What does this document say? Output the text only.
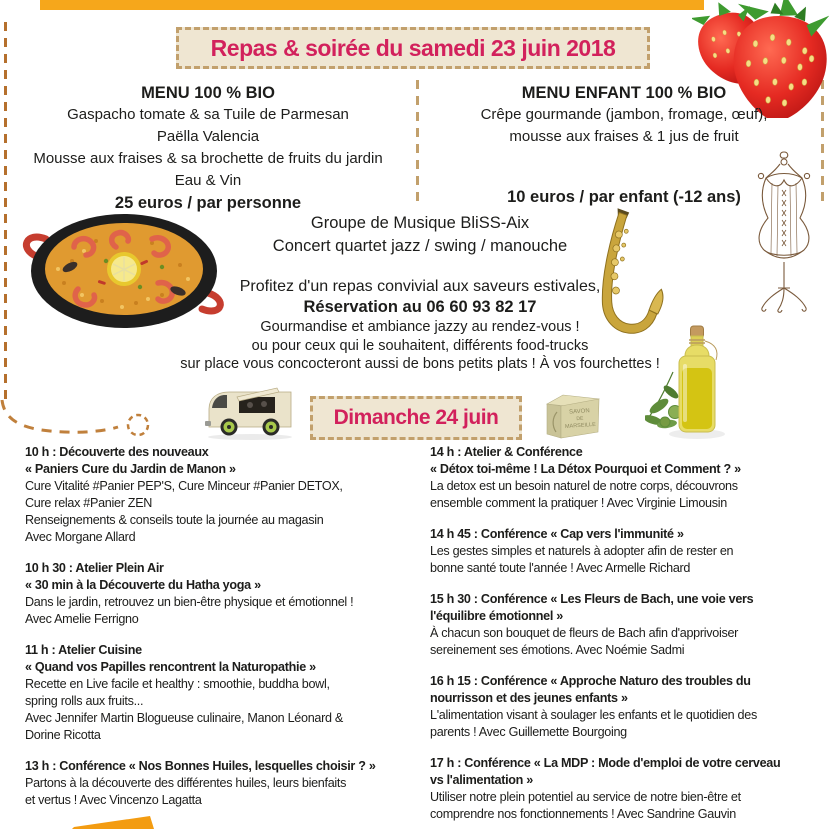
Repas & soirée du samedi 23 juin 2018
MENU 100 % BIO
Gaspacho tomate & sa Tuile de Parmesan
Paëlla Valencia
Mousse aux fraises & sa brochette de fruits du jardin
Eau & Vin
25 euros / par personne
MENU ENFANT 100 % BIO
Crêpe gourmande (jambon, fromage, œuf),
mousse aux fraises & 1 jus de fruit
10 euros / par enfant (-12 ans)
Groupe de Musique BliSS-Aix
Concert quartet jazz / swing / manouche
Profitez d'un repas convivial aux saveurs estivales,
Réservation au 06 60 93 82 17
Gourmandise et ambiance jazzy au rendez-vous !
ou pour ceux qui le souhaitent, différents food-trucks
sur place vous concocteront aussi de bons petits plats ! À vos fourchettes !
Dimanche 24 juin	SAVON
DE
MARSEILLE
10 h : Découverte des nouveaux
« Paniers Cure du Jardin de Manon »
Cure Vitalité #Panier PEP'S, Cure Minceur #Panier DETOX,
Cure relax #Panier ZEN
Renseignements & conseils toute la journée au magasin
Avec Morgane Allard
10 h 30 : Atelier Plein Air
« 30 min à la Découverte du Hatha yoga »
Dans le jardin, retrouvez un bien-être physique et émotionnel !
Avec Amelie Ferrigno
11 h : Atelier Cuisine
« Quand vos Papilles rencontrent la Naturopathie »
Recette en Live facile et healthy : smoothie, buddha bowl,
spring rolls aux fruits...
Avec Jennifer Martin Blogueuse culinaire, Manon Léonard &
Dorine Ricotta
13 h : Conférence « Nos Bonnes Huiles, lesquelles choisir ? »
Partons à la découverte des différentes huiles, leurs bienfaits
et vertus ! Avec Vincenzo Lagatta
14 h : Atelier & Conférence
« Détox toi-même ! La Détox Pourquoi et Comment ? »
La detox est un besoin naturel de notre corps, découvrons
ensemble comment la pratiquer ! Avec Virginie Limousin
14 h 45 : Conférence « Cap vers l'immunité »
Les gestes simples et naturels à adopter afin de rester en
bonne santé toute l'année ! Avec Armelle Richard
15 h 30 : Conférence « Les Fleurs de Bach, une voie vers
l'équilibre émotionnel »
À chacun son bouquet de fleurs de Bach afin d'apprivoiser
sereinement ses émotions. Avec Noémie Sadmi
16 h 15 : Conférence « Approche Naturo des troubles du
nourrisson et des jeunes enfants »
L'alimentation visant à soulager les enfants et le quotidien des
parents ! Avec Guillemette Bourgoing
17 h : Conférence « La MDP : Mode d'emploi de votre cerveau
vs l'alimentation »
Utiliser notre plein potentiel au service de notre bien-être et
comprendre nos fonctionnements ! Avec Sandrine Gauvin
